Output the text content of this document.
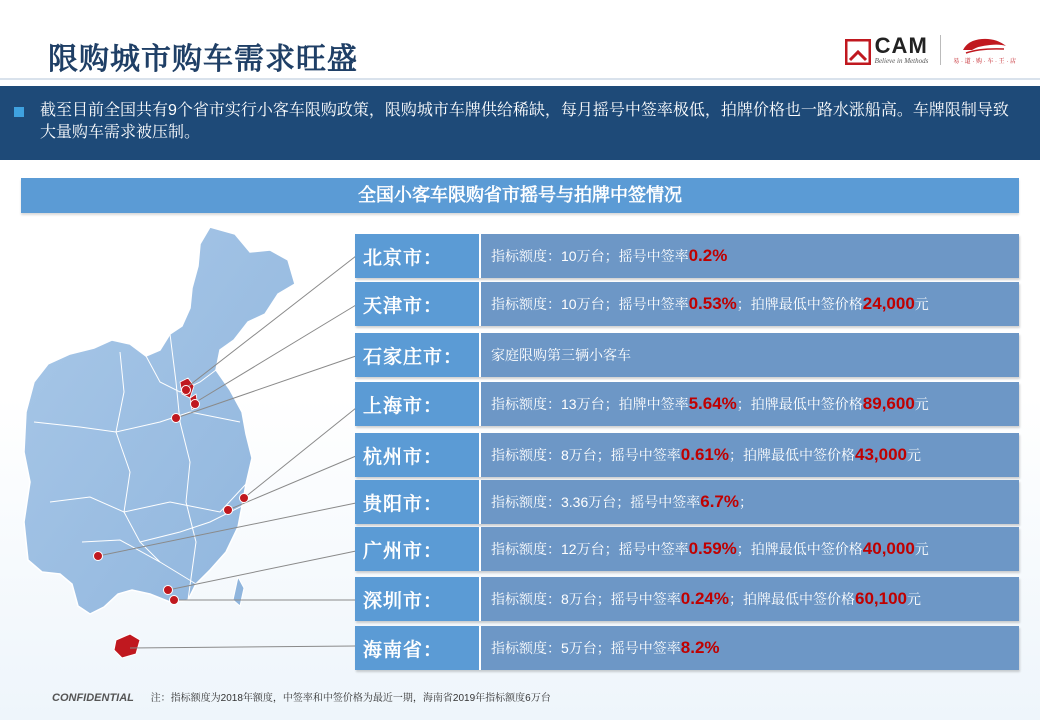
限购城市购车需求旺盛	CAM
Believe in Methods	易 · 道 · 购 · 车 · 王 · 店
截至目前全国共有9个省市实行小客车限购政策，限购城市车牌供给稀缺，每月摇号中签率极低，拍牌价格也一路水涨船高。车牌限制导致大量购车需求被压制。
全国小客车限购省市摇号与拍牌中签情况
北京市：	指标额度：10万台；摇号中签率 0.2%
天津市：	指标额度：10万台；摇号中签率 0.53% ；拍牌最低中签价格 24,000 元
石家庄市：	家庭限购第三辆小客车
上海市：	指标额度：13万台；拍牌中签率 5.64% ；拍牌最低中签价格 89,600 元
杭州市：	指标额度：8万台；摇号中签率 0.61% ；拍牌最低中签价格 43,000 元
贵阳市：	指标额度：3.36万台；摇号中签率 6.7% ；
广州市：	指标额度：12万台；摇号中签率 0.59% ；拍牌最低中签价格 40,000 元
深圳市：	指标额度：8万台；摇号中签率 0.24% ；拍牌最低中签价格 60,100 元
海南省：	指标额度：5万台；摇号中签率 8.2%
CONFIDENTIAL 注：指标额度为2018年额度，中签率和中签价格为最近一期，海南省2019年指标额度6万台
